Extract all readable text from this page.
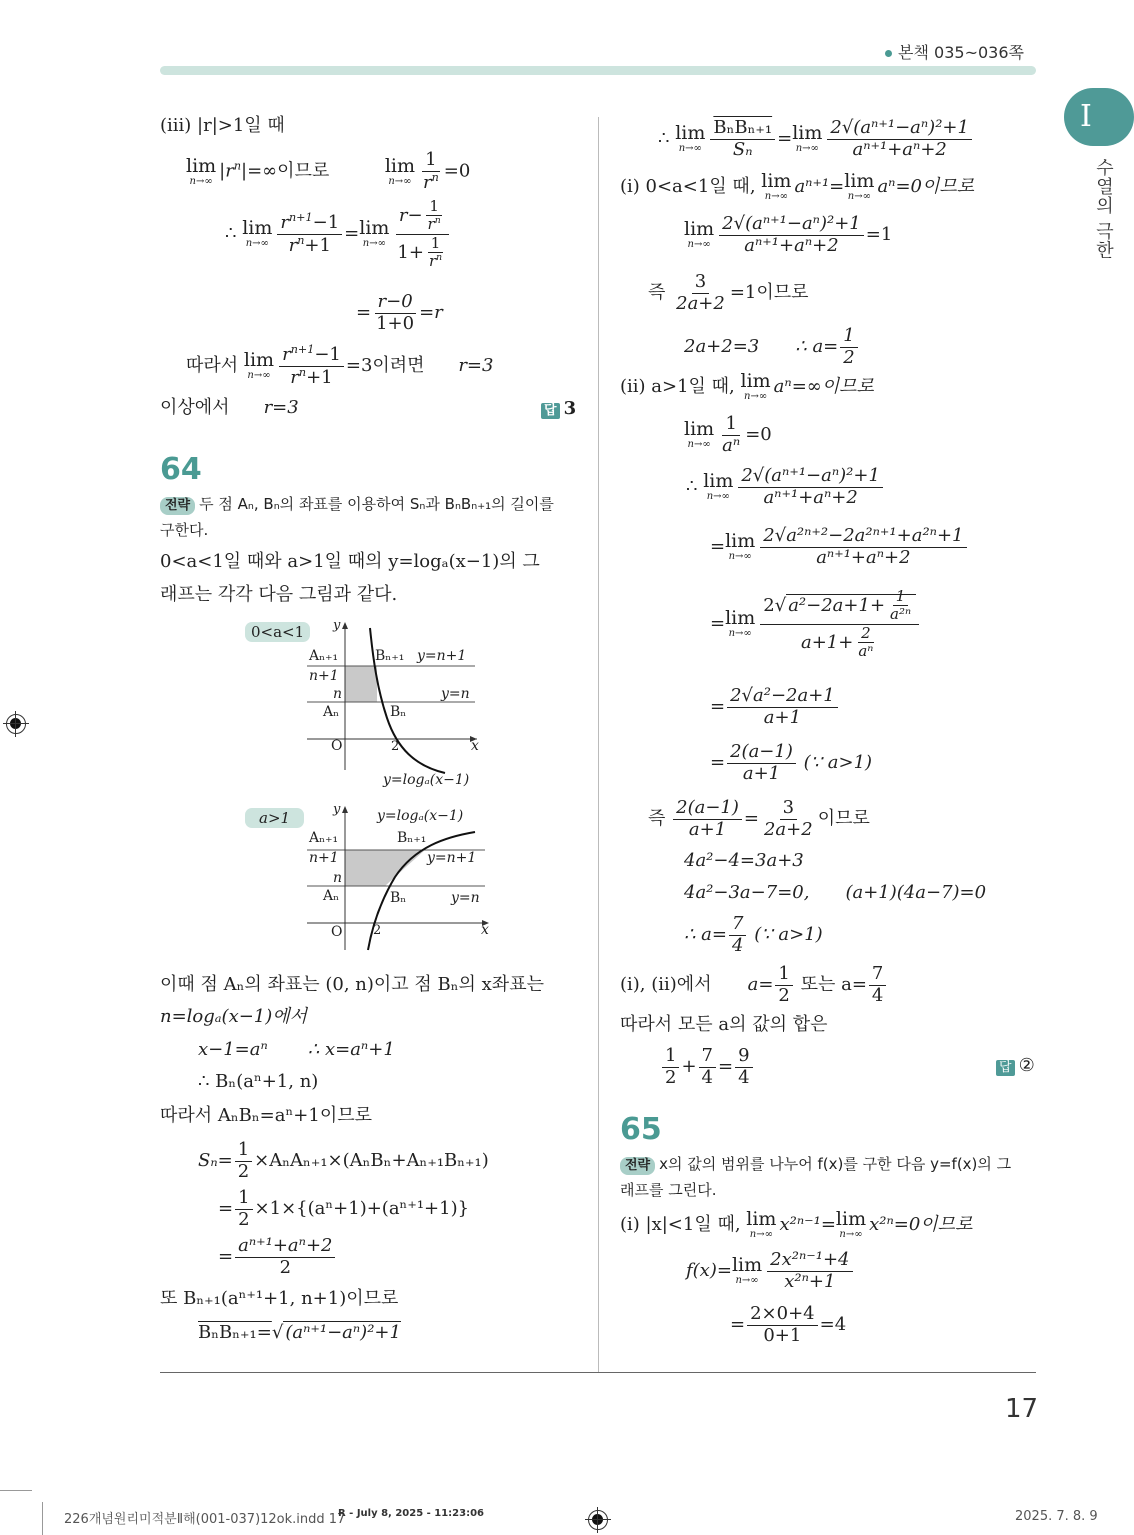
본책 035~036쪽
I
수열의 극한
(iii) |r|>1일 때
lim
n→∞ $|r^n|=\infty$이므로	lim
$n\to\infty \frac{1}{r^n} =0$
∴ lim
$n\to\infty \frac{r^{n+1}-1}{r^n+1} = \lim$
$n\to\infty \frac{r- \frac{1}{r^n}}{1+ \frac{1}{r^n}}$
= $\frac{r-0}{1+0} =r$
따라서 lim
$n\to\infty \frac{r^{n+1}-1}{r^n+1} =3$이려면 r=3
이상에서 r=3	답 3
64
전략 두 점 Aₙ, Bₙ의 좌표를 이용하여 Sₙ과 BₙBₙ₊₁의 길이를
구한다.
0<a<1일 때와 a>1일 때의 y=logₐ(x−1)의 그
래프는 각각 다음 그림과 같다.
0<a<1	y
Aₙ₊₁	Bₙ₊₁ y=n+1
n+1
n	y=n
Aₙ	Bₙ
O	2	x
y=logₐ(x−1)
a>1	y	y=logₐ(x−1)
Aₙ₊₁	Bₙ₊₁
n+1	y=n+1
n
Aₙ	Bₙ	y=n
O 2	x
이때 점 Aₙ의 좌표는 (0, n)이고 점 Bₙ의 x좌표는
n=logₐ(x−1)에서
x−1=aⁿ ∴ x=aⁿ+1
∴ Bₙ(aⁿ+1, n)
따라서 AₙBₙ=aⁿ+1이므로
$S_n= \frac{1}{2} \times A_nA_{n+1}\times(A_nB_n+A_{n+1}B_{n+1})$
= $\frac{1}{2} \times 1\times\{(a^n+1)+(a^{n+1}+1)\}$
= $\frac{\text{aⁿ⁺¹+aⁿ+2}}{2}$
또 Bₙ₊₁(aⁿ⁺¹+1, n+1)이므로
BₙBₙ₊₁=√ (aⁿ⁺¹−aⁿ)²+1
∴ lim
$n\to\infty \frac{\text{BₙBₙ₊₁}}{\text{Sₙ}} = \lim$
$n\to\infty \frac{\text{2√(aⁿ⁺¹−aⁿ)²+1}}{\text{aⁿ⁺¹+aⁿ+2}}$
(i) 0<a<1일 때, lim
n→∞ aⁿ⁺¹= lim
n→∞ aⁿ=0이므로
lim
$n\to\infty \frac{\text{2√(aⁿ⁺¹−aⁿ)²+1}}{\text{aⁿ⁺¹+aⁿ+2}} =1$
즉 $\frac{3}{2a+2} =1$이므로
2a+2=3 ∴ $a= \frac{1}{2}$
(ii) a>1일 때, lim
n→∞ aⁿ=∞이므로
lim
$n\to\infty \frac{1}{\text{aⁿ}} =0$
∴ lim
$n\to\infty \frac{\text{2√(aⁿ⁺¹−aⁿ)²+1}}{\text{aⁿ⁺¹+aⁿ+2}}$
= lim
$n\to\infty \frac{\text{2√a²ⁿ⁺²−2a²ⁿ⁺¹+a²ⁿ+1}}{\text{aⁿ⁺¹+aⁿ+2}}$
= lim
$n\to\infty \frac{2√ a^2-2a+1+ \frac{1}{\text{a²ⁿ}}}{a+1+ \frac{2}{\text{aⁿ}}}$
= $\frac{\text{2√a²−2a+1}}{a+1}$
= $\frac{2(a-1)}{a+1}$ (∵ a>1)
즉 $\frac{2(a-1)}{a+1} = \frac{3}{2a+2}$ 이므로
4a²−4=3a+3
4a²−3a−7=0, (a+1)(4a−7)=0
∴ $a= \frac{7}{4}$ (∵ a>1)
(i), (ii)에서 $a= \frac{1}{2}$ 또는 $a= \frac{7}{4}$
따라서 모든 a의 값의 합은
$\frac{1}{2} + \frac{7}{4} = \frac{9}{4}$	답 ②
65
전략 x의 값의 범위를 나누어 f(x)를 구한 다음 y=f(x)의 그
래프를 그린다.
(i) |x|<1일 때, lim
n→∞ x²ⁿ⁻¹= lim
n→∞ x²ⁿ=0이므로
f(x)= lim
$n\to\infty \frac{\text{2x²ⁿ⁻¹+4}}{\text{x²ⁿ+1}}$
= $\frac{2\times 0+4}{0+1} =4$
17
226개념원리미적분Ⅱ해(001-037)12ok.indd 17
R - July 8, 2025 - 11:23:06	2025. 7. 8. 9
